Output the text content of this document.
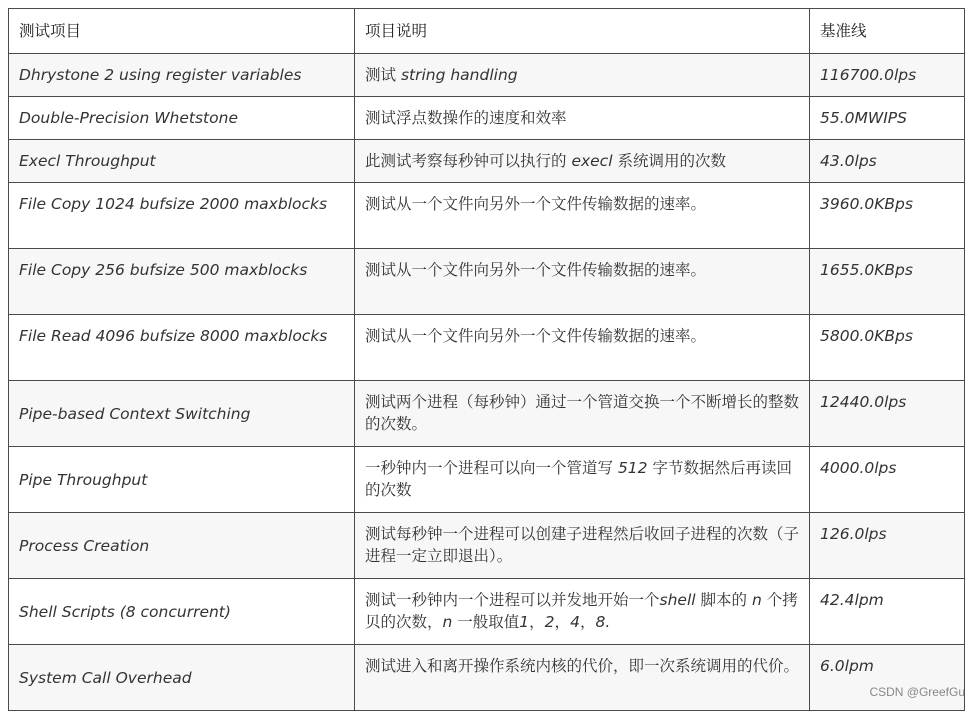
测试项目	项目说明	基准线
Dhrystone 2 using register variables	测试 string handling	116700.0lps
Double-Precision Whetstone	测试浮点数操作的速度和效率	55.0MWIPS
Execl Throughput	此测试考察每秒钟可以执行的 execl 系统调用的次数	43.0lps
File Copy 1024 bufsize 2000 maxblocks	测试从一个文件向另外一个文件传输数据的速率。	3960.0KBps
File Copy 256 bufsize 500 maxblocks	测试从一个文件向另外一个文件传输数据的速率。	1655.0KBps
File Read 4096 bufsize 8000 maxblocks	测试从一个文件向另外一个文件传输数据的速率。	5800.0KBps
Pipe-based Context Switching	测试两个进程（每秒钟）通过一个管道交换一个不断增长的整数的次数。	12440.0lps
Pipe Throughput	一秒钟内一个进程可以向一个管道写 512 字节数据然后再读回的次数	4000.0lps
Process Creation	测试每秒钟一个进程可以创建子进程然后收回子进程的次数（子进程一定立即退出）。	126.0lps
Shell Scripts (8 concurrent)	测试一秒钟内一个进程可以并发地开始一个shell 脚本的 n 个拷贝的次数，n 一般取值1，2，4，8.	42.4lpm
System Call Overhead	测试进入和离开操作系统内核的代价，即一次系统调用的代价。	6.0lpm
CSDN @GreefGu
